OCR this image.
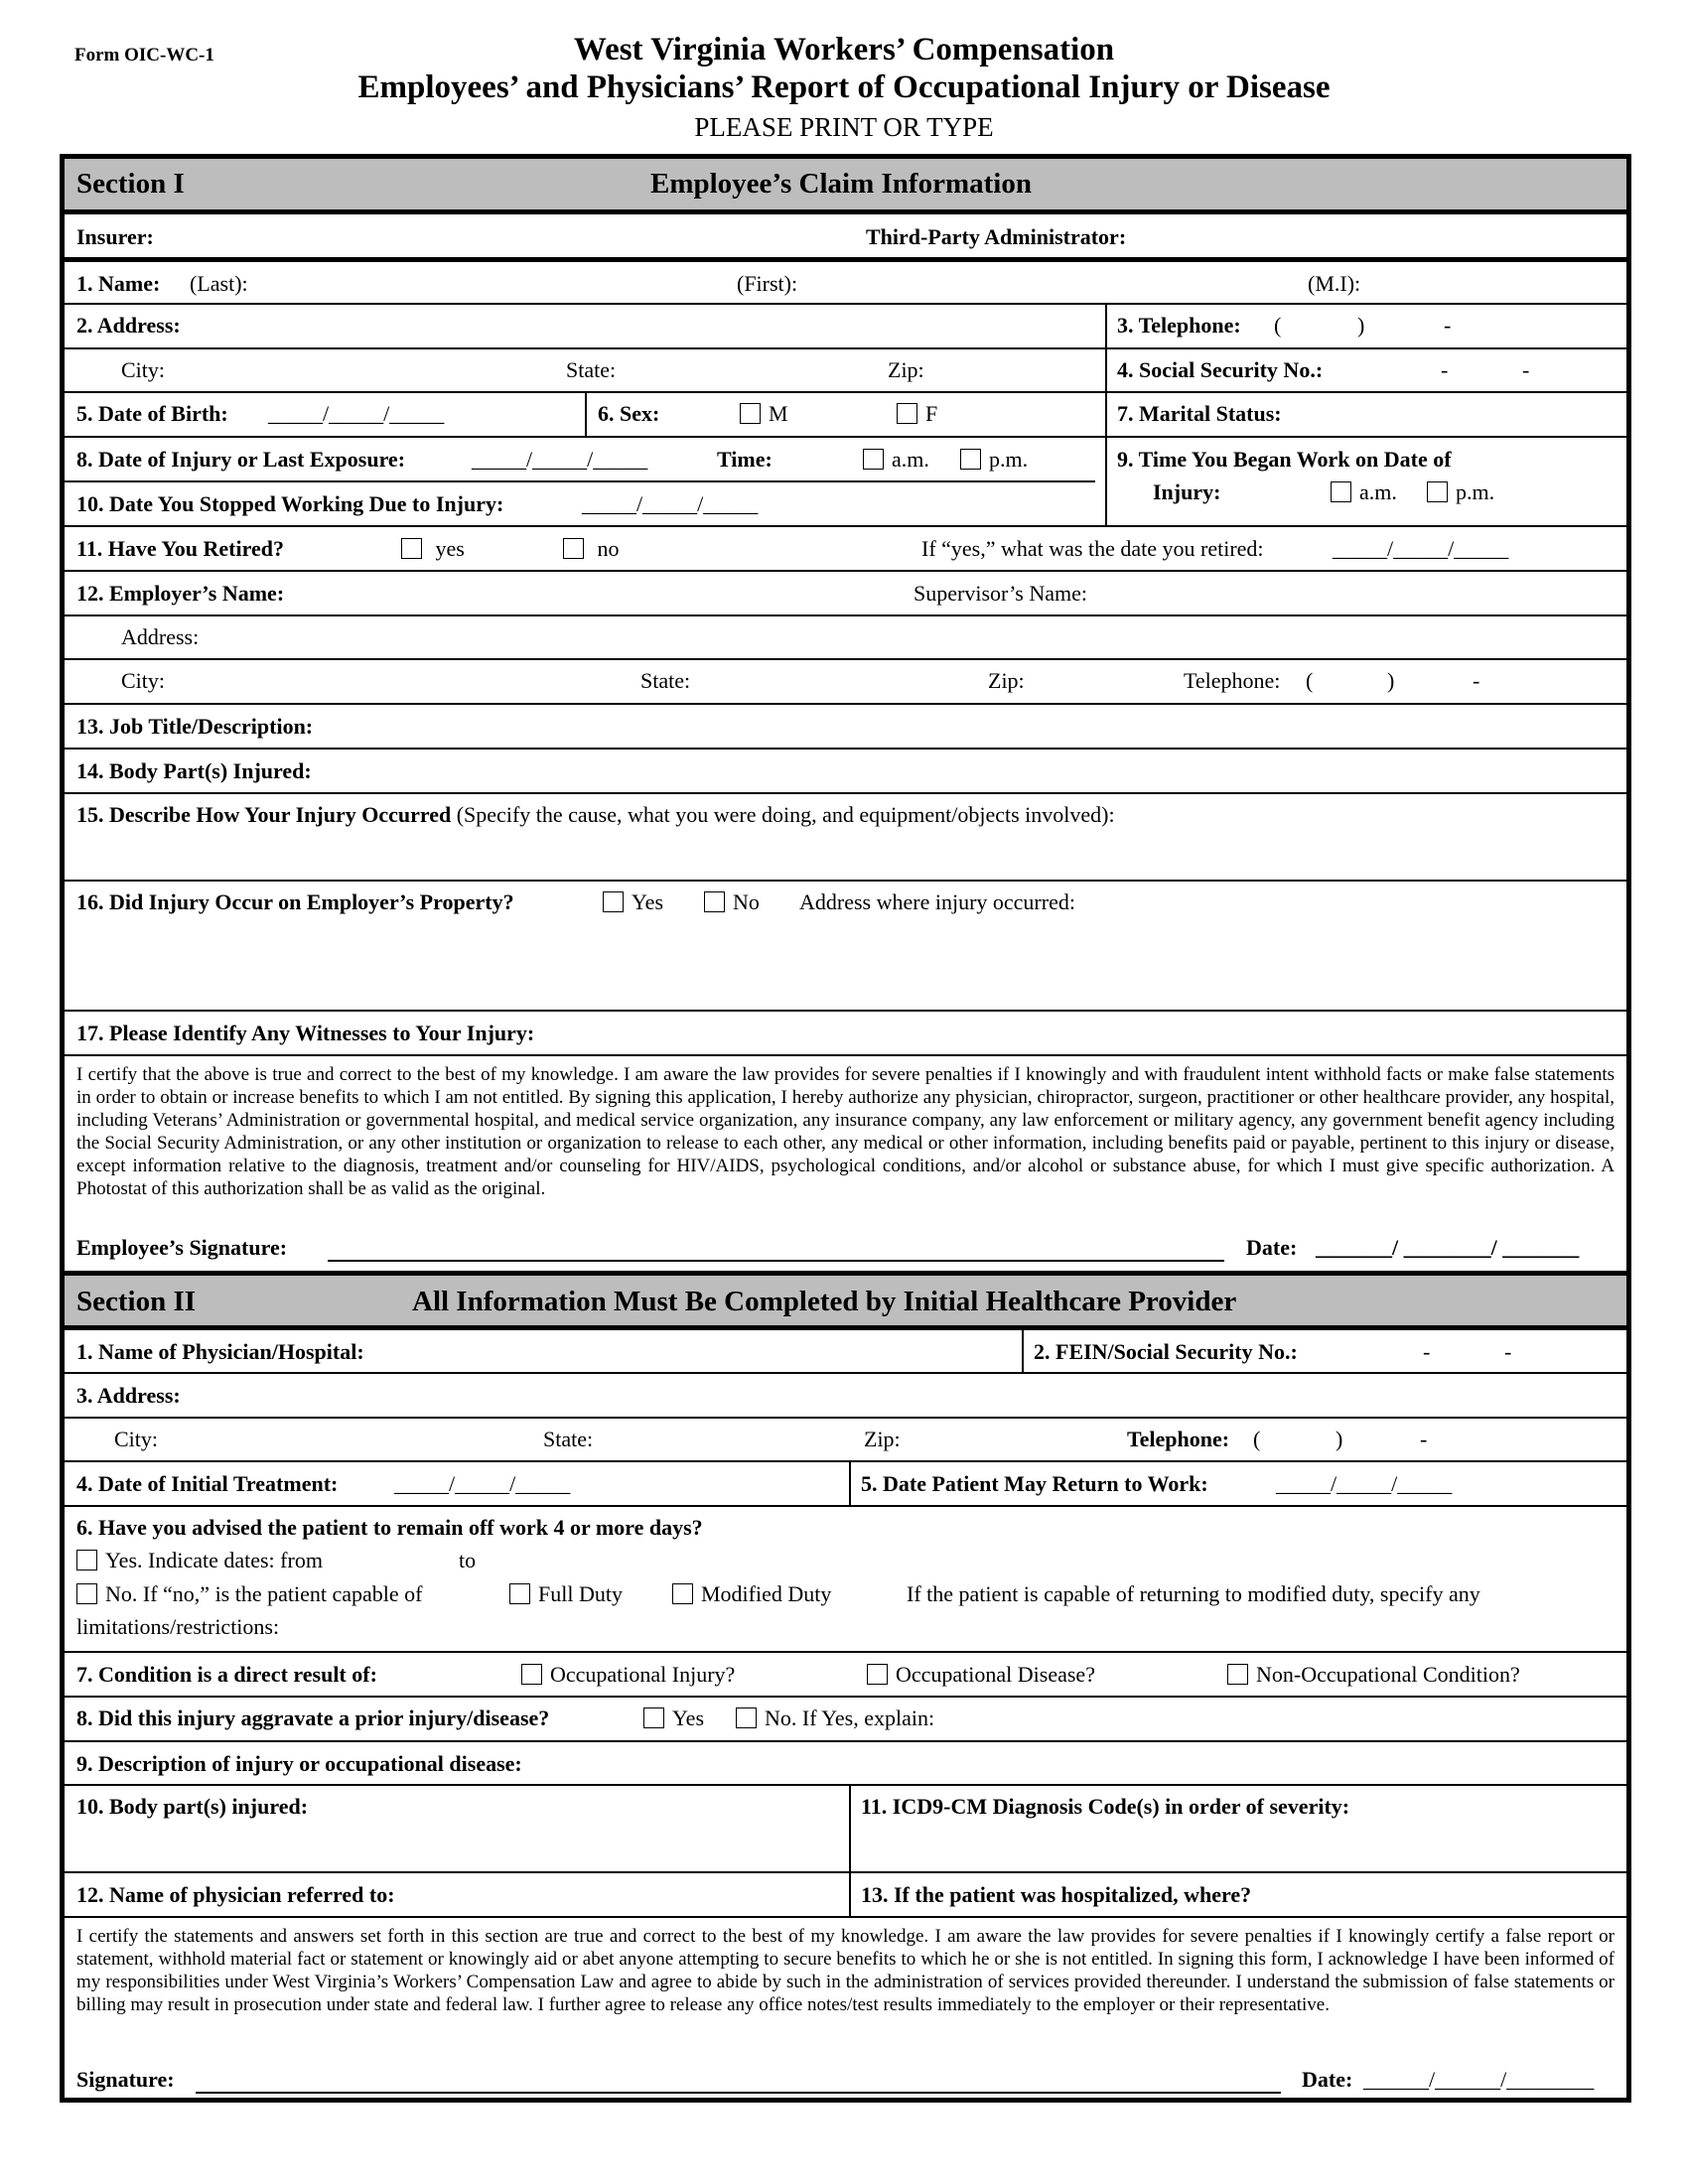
Form OIC-WC-1	West Virginia Workers’ Compensation
Employees’ and Physicians’ Report of Occupational Injury or Disease
PLEASE PRINT OR TYPE
Section I	Employee’s Claim Information
Insurer:	Third-Party Administrator:
1. Name: (Last):	(First):	(M.I):
2. Address:	3. Telephone: (	)	-
City:	State:	Zip:	4. Social Security No.:	-	-
5. Date of Birth: _____/_____/_____	6. Sex:	M	F	7. Marital Status:
8. Date of Injury or Last Exposure:	_____/_____/_____	Time:	a.m.	p.m.
10. Date You Stopped Working Due to Injury:	_____/_____/_____
9. Time You Began Work on Date of
Injury:	a.m.	p.m.
11. Have You Retired?	yes	no	If “yes,” what was the date you retired:	_____/_____/_____
12. Employer’s Name:	Supervisor’s Name:
Address:
City:	State:	Zip:	Telephone: (	)	-
13. Job Title/Description:
14. Body Part(s) Injured:
15. Describe How Your Injury Occurred (Specify the cause, what you were doing, and equipment/objects involved):
16. Did Injury Occur on Employer’s Property?	Yes	No Address where injury occurred:
17. Please Identify Any Witnesses to Your Injury:
I certify that the above is true and correct to the best of my knowledge. I am aware the law provides for severe penalties if I knowingly and with fraudulent intent withhold facts or make false statements in order to obtain or increase benefits to which I am not entitled. By signing this application, I hereby authorize any physician, chiropractor, surgeon, practitioner or other healthcare provider, any hospital, including Veterans’ Administration or governmental hospital, and medical service organization, any insurance company, any law enforcement or military agency, any government benefit agency including the Social Security Administration, or any other institution or organization to release to each other, any medical or other information, including benefits paid or payable, pertinent to this injury or disease, except information relative to the diagnosis, treatment and/or counseling for HIV/AIDS, psychological conditions, and/or alcohol or substance abuse, for which I must give specific authorization. A Photostat of this authorization shall be as valid as the original.
Employee’s Signature:	Date: _______/ ________/ _______
Section II	All Information Must Be Completed by Initial Healthcare Provider
1. Name of Physician/Hospital:	2. FEIN/Social Security No.:	-	-
3. Address:
City:	State:	Zip:	Telephone: (	)	-
4. Date of Initial Treatment:	_____/_____/_____	5. Date Patient May Return to Work:	_____/_____/_____
6. Have you advised the patient to remain off work 4 or more days?
Yes. Indicate dates: from	to
No. If “no,” is the patient capable of	Full Duty	Modified Duty	If the patient is capable of returning to modified duty, specify any
limitations/restrictions:
7. Condition is a direct result of:	Occupational Injury?	Occupational Disease?	Non-Occupational Condition?
8. Did this injury aggravate a prior injury/disease?	Yes	No. If Yes, explain:
9. Description of injury or occupational disease:
10. Body part(s) injured:	11. ICD9-CM Diagnosis Code(s) in order of severity:
12. Name of physician referred to:	13. If the patient was hospitalized, where?
I certify the statements and answers set forth in this section are true and correct to the best of my knowledge. I am aware the law provides for severe penalties if I knowingly certify a false report or statement, withhold material fact or statement or knowingly aid or abet anyone attempting to secure benefits to which he or she is not entitled. In signing this form, I acknowledge I have been informed of my responsibilities under West Virginia’s Workers’ Compensation Law and agree to abide by such in the administration of services provided thereunder. I understand the submission of false statements or billing may result in prosecution under state and federal law. I further agree to release any office notes/test results immediately to the employer or their representative.
Signature:	Date: ______/______/________
